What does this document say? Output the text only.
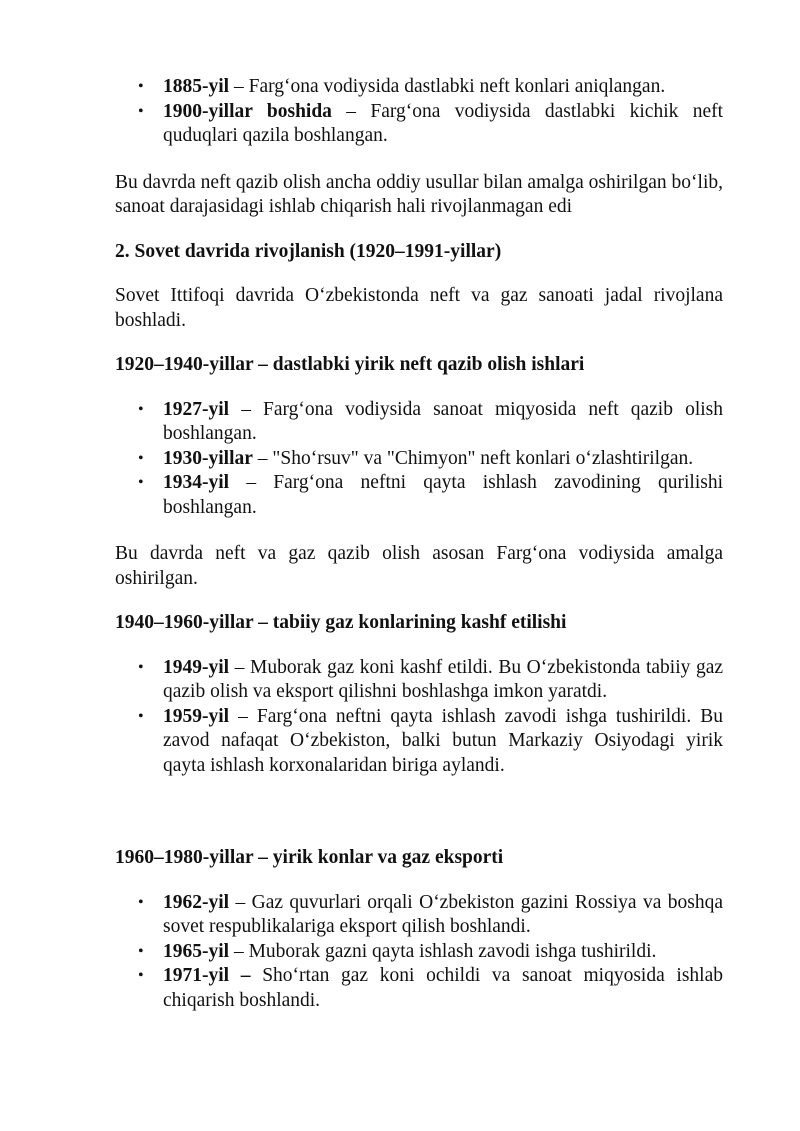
• 1885-yil – Farg‘ona vodiysida dastlabki neft konlari aniqlangan.
• 1900-yillar boshida – Farg‘ona vodiysida dastlabki kichik neft quduqlari qazila boshlangan.

Bu davrda neft qazib olish ancha oddiy usullar bilan amalga oshirilgan bo‘lib, sanoat darajasidagi ishlab chiqarish hali rivojlanmagan edi

2. Sovet davrida rivojlanish (1920–1991-yillar)

Sovet Ittifoqi davrida O‘zbekistonda neft va gaz sanoati jadal rivojlana boshladi.

1920–1940-yillar – dastlabki yirik neft qazib olish ishlari

• 1927-yil – Farg‘ona vodiysida sanoat miqyosida neft qazib olish boshlangan.
• 1930-yillar – "Sho‘rsuv" va "Chimyon" neft konlari o‘zlashtirilgan.
• 1934-yil – Farg‘ona neftni qayta ishlash zavodining qurilishi boshlangan.

Bu davrda neft va gaz qazib olish asosan Farg‘ona vodiysida amalga oshirilgan.

1940–1960-yillar – tabiiy gaz konlarining kashf etilishi

• 1949-yil – Muborak gaz koni kashf etildi. Bu O‘zbekistonda tabiiy gaz qazib olish va eksport qilishni boshlashga imkon yaratdi.
• 1959-yil – Farg‘ona neftni qayta ishlash zavodi ishga tushirildi. Bu zavod nafaqat O‘zbekiston, balki butun Markaziy Osiyodagi yirik qayta ishlash korxonalaridan biriga aylandi.

1960–1980-yillar – yirik konlar va gaz eksporti

• 1962-yil – Gaz quvurlari orqali O‘zbekiston gazini Rossiya va boshqa sovet respublikalariga eksport qilish boshlandi.
• 1965-yil – Muborak gazni qayta ishlash zavodi ishga tushirildi.
• 1971-yil – Sho‘rtan gaz koni ochildi va sanoat miqyosida ishlab chiqarish boshlandi.
